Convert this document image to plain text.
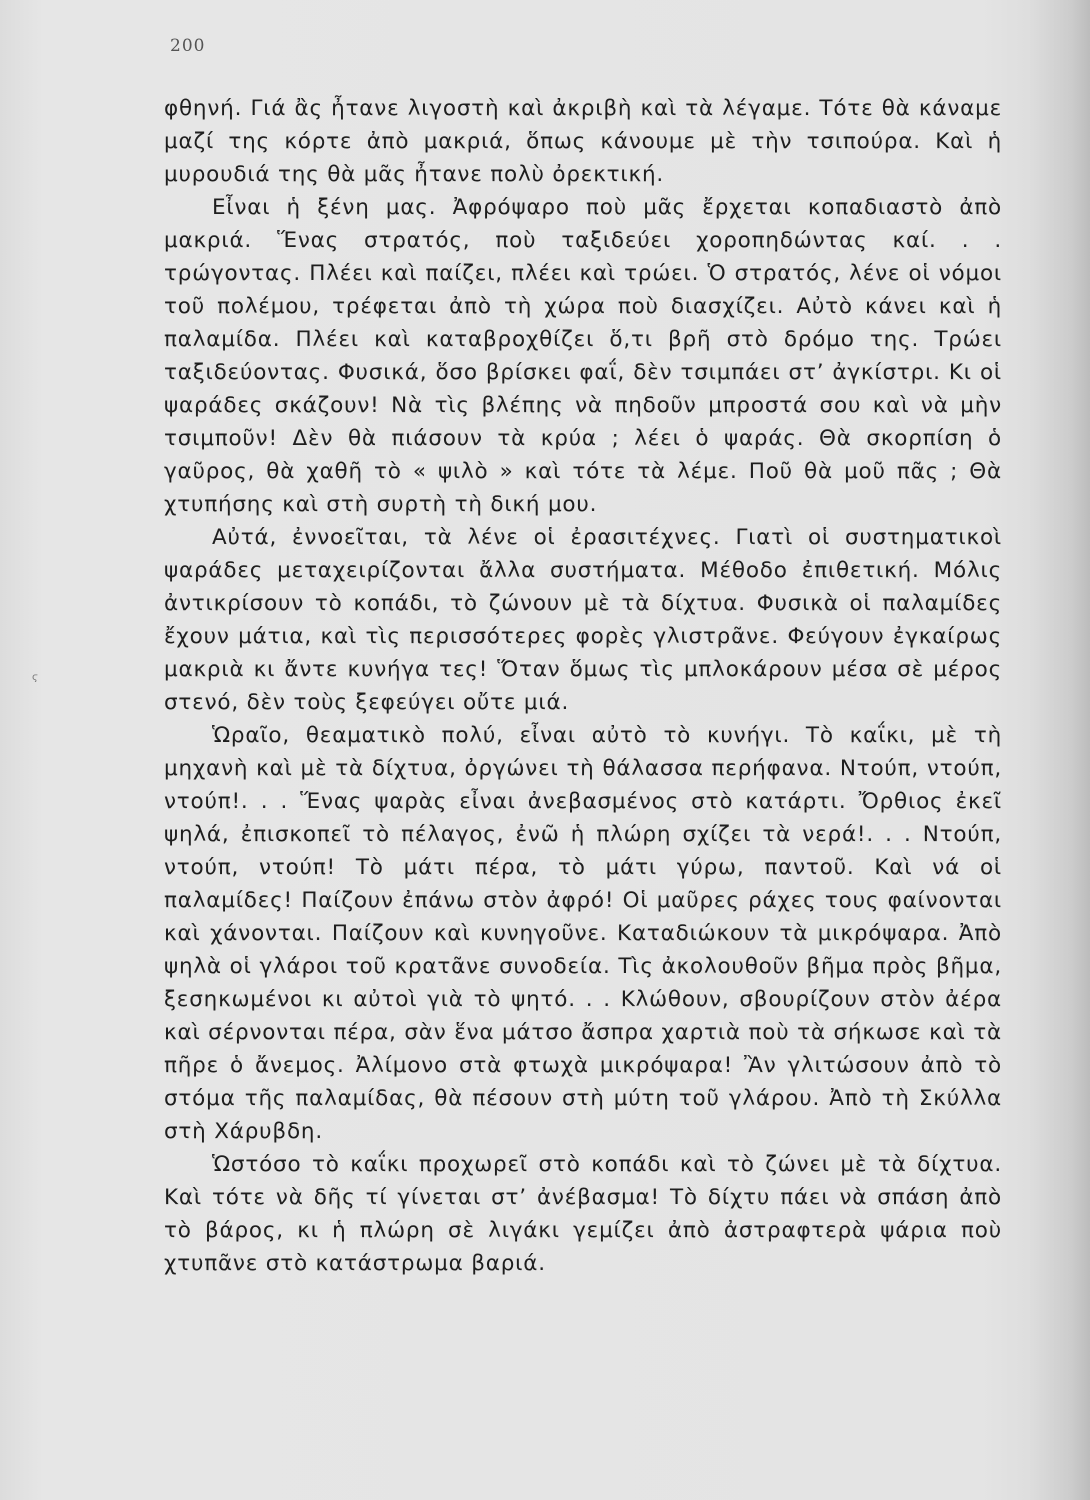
200
ϛ

φθηνή. Γιά ἂς ἦτανε λιγοστὴ καὶ ἀκριβὴ καὶ τὰ λέγαμε. Τότε θὰ κάναμε μαζί της κόρτε ἀπὸ μακριά, ὅπως κάνουμε μὲ τὴν τσιπούρα. Καὶ ἡ μυρουδιά της θὰ μᾶς ἦτανε πολὺ ὀρεκτική.

Εἶναι ἡ ξένη μας. Ἀφρόψαρο ποὺ μᾶς ἔρχεται κοπαδιαστὸ ἀπὸ μακριά. Ἕνας στρατός, ποὺ ταξιδεύει χοροπηδώντας καί. . . τρώγοντας. Πλέει καὶ παίζει, πλέει καὶ τρώει. Ὁ στρατός, λένε οἱ νόμοι τοῦ πολέμου, τρέφεται ἀπὸ τὴ χώρα ποὺ διασχίζει. Αὐτὸ κάνει καὶ ἡ παλαμίδα. Πλέει καὶ καταβροχθίζει ὅ,τι βρῆ στὸ δρόμο της. Τρώει ταξιδεύοντας. Φυσικά, ὅσο βρίσκει φαΐ, δὲν τσιμπάει στ’ ἀγκίστρι. Κι οἱ ψαράδες σκάζουν! Νὰ τὶς βλέπης νὰ πηδοῦν μπροστά σου καὶ νὰ μὴν τσιμποῦν! Δὲν θὰ πιάσουν τὰ κρύα ; λέει ὁ ψαράς. Θὰ σκορπίση ὁ γαῦρος, θὰ χαθῆ τὸ « ψιλὸ » καὶ τότε τὰ λέμε. Ποῦ θὰ μοῦ πᾶς ; Θὰ χτυπήσης καὶ στὴ συρτὴ τὴ δική μου.

Αὐτά, ἐννοεῖται, τὰ λένε οἱ ἐρασιτέχνες. Γιατὶ οἱ συστηματικοὶ ψαράδες μεταχειρίζονται ἄλλα συστήματα. Μέθοδο ἐπιθετική. Μόλις ἀντικρίσουν τὸ κοπάδι, τὸ ζώνουν μὲ τὰ δίχτυα. Φυσικὰ οἱ παλαμίδες ἔχουν μάτια, καὶ τὶς περισσότερες φορὲς γλιστρᾶνε. Φεύγουν ἐγκαίρως μακριὰ κι ἄντε κυνήγα τες! Ὅταν ὅμως τὶς μπλοκάρουν μέσα σὲ μέρος στενό, δὲν τοὺς ξεφεύγει οὔτε μιά.

Ὡραῖο, θεαματικὸ πολύ, εἶναι αὐτὸ τὸ κυνήγι. Τὸ καΐκι, μὲ τὴ μηχανὴ καὶ μὲ τὰ δίχτυα, ὀργώνει τὴ θάλασσα περήφανα. Ντούπ, ντούπ, ντούπ!. . . Ἕνας ψαρὰς εἶναι ἀνεβασμένος στὸ κατάρτι. Ὄρθιος ἐκεῖ ψηλά, ἐπισκοπεῖ τὸ πέλαγος, ἐνῶ ἡ πλώρη σχίζει τὰ νερά!. . . Ντούπ, ντούπ, ντούπ! Τὸ μάτι πέρα, τὸ μάτι γύρω, παντοῦ. Καὶ νά οἱ παλαμίδες! Παίζουν ἐπάνω στὸν ἀφρό! Οἱ μαῦρες ράχες τους φαίνονται καὶ χάνονται. Παίζουν καὶ κυνηγοῦνε. Καταδιώκουν τὰ μικρόψαρα. Ἀπὸ ψηλὰ οἱ γλάροι τοῦ κρατᾶνε συνοδεία. Τὶς ἀκολουθοῦν βῆμα πρὸς βῆμα, ξεσηκωμένοι κι αὐτοὶ γιὰ τὸ ψητό. . . Κλώθουν, σβουρίζουν στὸν ἀέρα καὶ σέρνονται πέρα, σὰν ἕνα μάτσο ἄσπρα χαρτιὰ ποὺ τὰ σήκωσε καὶ τὰ πῆρε ὁ ἄνεμος. Ἀλίμονο στὰ φτωχὰ μικρόψαρα! Ἂν γλιτώσουν ἀπὸ τὸ στόμα τῆς παλαμίδας, θὰ πέσουν στὴ μύτη τοῦ γλάρου. Ἀπὸ τὴ Σκύλλα στὴ Χάρυβδη.

Ὡστόσο τὸ καΐκι προχωρεῖ στὸ κοπάδι καὶ τὸ ζώνει μὲ τὰ δίχτυα. Καὶ τότε νὰ δῆς τί γίνεται στ’ ἀνέβασμα! Τὸ δίχτυ πάει νὰ σπάση ἀπὸ τὸ βάρος, κι ἡ πλώρη σὲ λιγάκι γεμίζει ἀπὸ ἀστραφτερὰ ψάρια ποὺ χτυπᾶνε στὸ κατάστρωμα βαριά.
